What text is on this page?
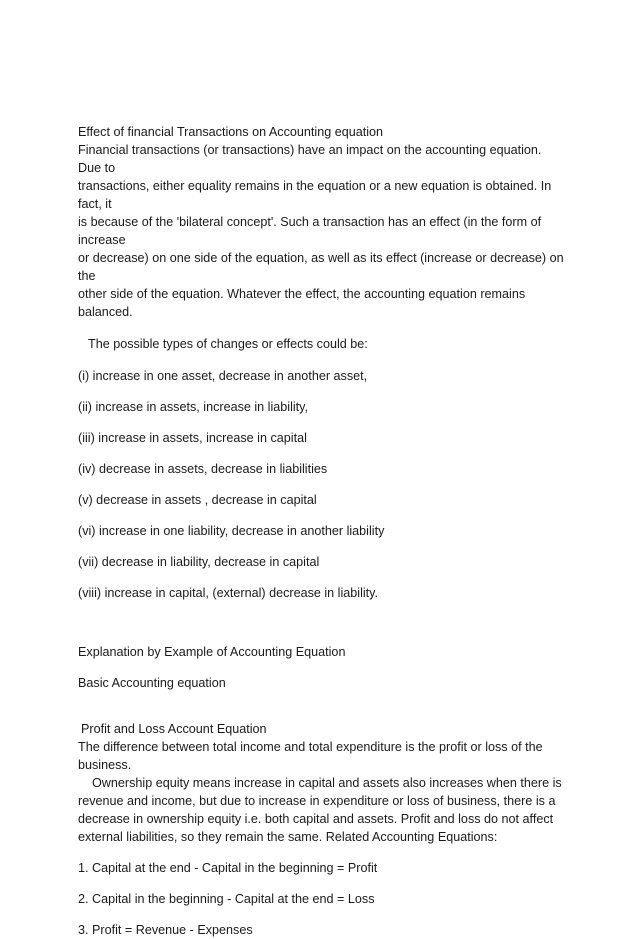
Effect of financial Transactions on Accounting equation

Financial transactions (or transactions) have an impact on the accounting equation. Due to

transactions, either equality remains in the equation or a new equation is obtained. In fact, it

is because of the 'bilateral concept'. Such a transaction has an effect (in the form of increase

or decrease) on one side of the equation, as well as its effect (increase or decrease) on the

other side of the equation. Whatever the effect, the accounting equation remains balanced.

The possible types of changes or effects could be:

(i) increase in one asset, decrease in another asset,

(ii) increase in assets, increase in liability,

(iii) increase in assets, increase in capital

(iv) decrease in assets, decrease in liabilities

(v) decrease in assets , decrease in capital

(vi) increase in one liability, decrease in another liability

(vii) decrease in liability, decrease in capital

(viii) increase in capital, (external) decrease in liability.

Explanation by Example of Accounting Equation

Basic Accounting equation

Profit and Loss Account Equation

The difference between total income and total expenditure is the profit or loss of the

business.

Ownership equity means increase in capital and assets also increases when there is

revenue and income, but due to increase in expenditure or loss of business, there is a

decrease in ownership equity i.e. both capital and assets. Profit and loss do not affect

external liabilities, so they remain the same. Related Accounting Equations:

1. Capital at the end - Capital in the beginning = Profit

2. Capital in the beginning - Capital at the end = Loss

3. Profit = Revenue - Expenses
